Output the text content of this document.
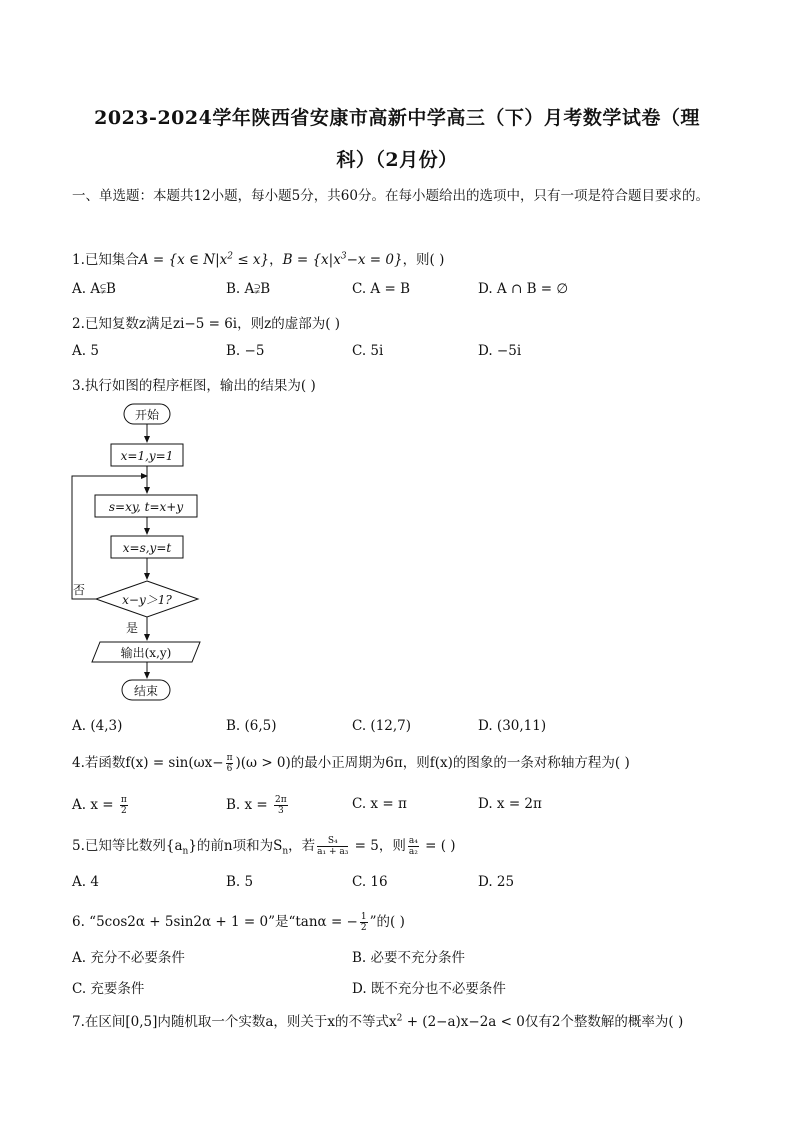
2023-2024学年陕西省安康市高新中学高三（下）月考数学试卷（理
科）（2月份）
一、单选题：本题共12小题，每小题5分，共60分。在每小题给出的选项中，只有一项是符合题目要求的。
1.已知集合A = {x ∈ $N|x^2 \le x$}，$B = \{x|x^3-x = 0\}$，则( )
A. A⫋B	B. A⫌B	C. A = B	D. A ∩ B = ∅
2.已知复数z满足zi−5 = 6i，则z的虚部为( )
A. 5	B. −5	C. 5i	D. −5i
3.执行如图的程序框图，输出的结果为( )
开始
x=1,y=1
s=xy, t=x+y
x=s,y=t
x−y＞1?
否
是
输出(x,y)
结束
A. (4,3)	B. (6,5)	C. (12,7)	D. (30,11)
4.若函数$f(x) = \sin(\omega x- \frac{\pi}{6} )(\omega > 0)$的最小正周期为6π，则f(x)的图象的一条对称轴方程为( )
A. $x = \frac{\pi}{2}$	B. $x = \frac{2\pi}{3}$	C. x = π	D. x = 2π
5.已知等比数列$\{a_n\}$的前n项和为$S_n$，若 $\frac{\text{S₄}}{\text{a₁ + a₃}} = 5$，则 $\frac{\text{a₄}}{\text{a₂}}$ = ( )
A. 4	B. 5	C. 16	D. 25
6. “5cos2α + 5sin2α + 1 = 0”是“tanα = − $\frac{1}{2}$ ”的( )
A. 充分不必要条件	B. 必要不充分条件
C. 充要条件	D. 既不充分也不必要条件
7.在区间[0,5]内随机取一个实数a，则关于x的不等式$x^2 + (2-a)x-2a < 0$仅有2个整数解的概率为( )
